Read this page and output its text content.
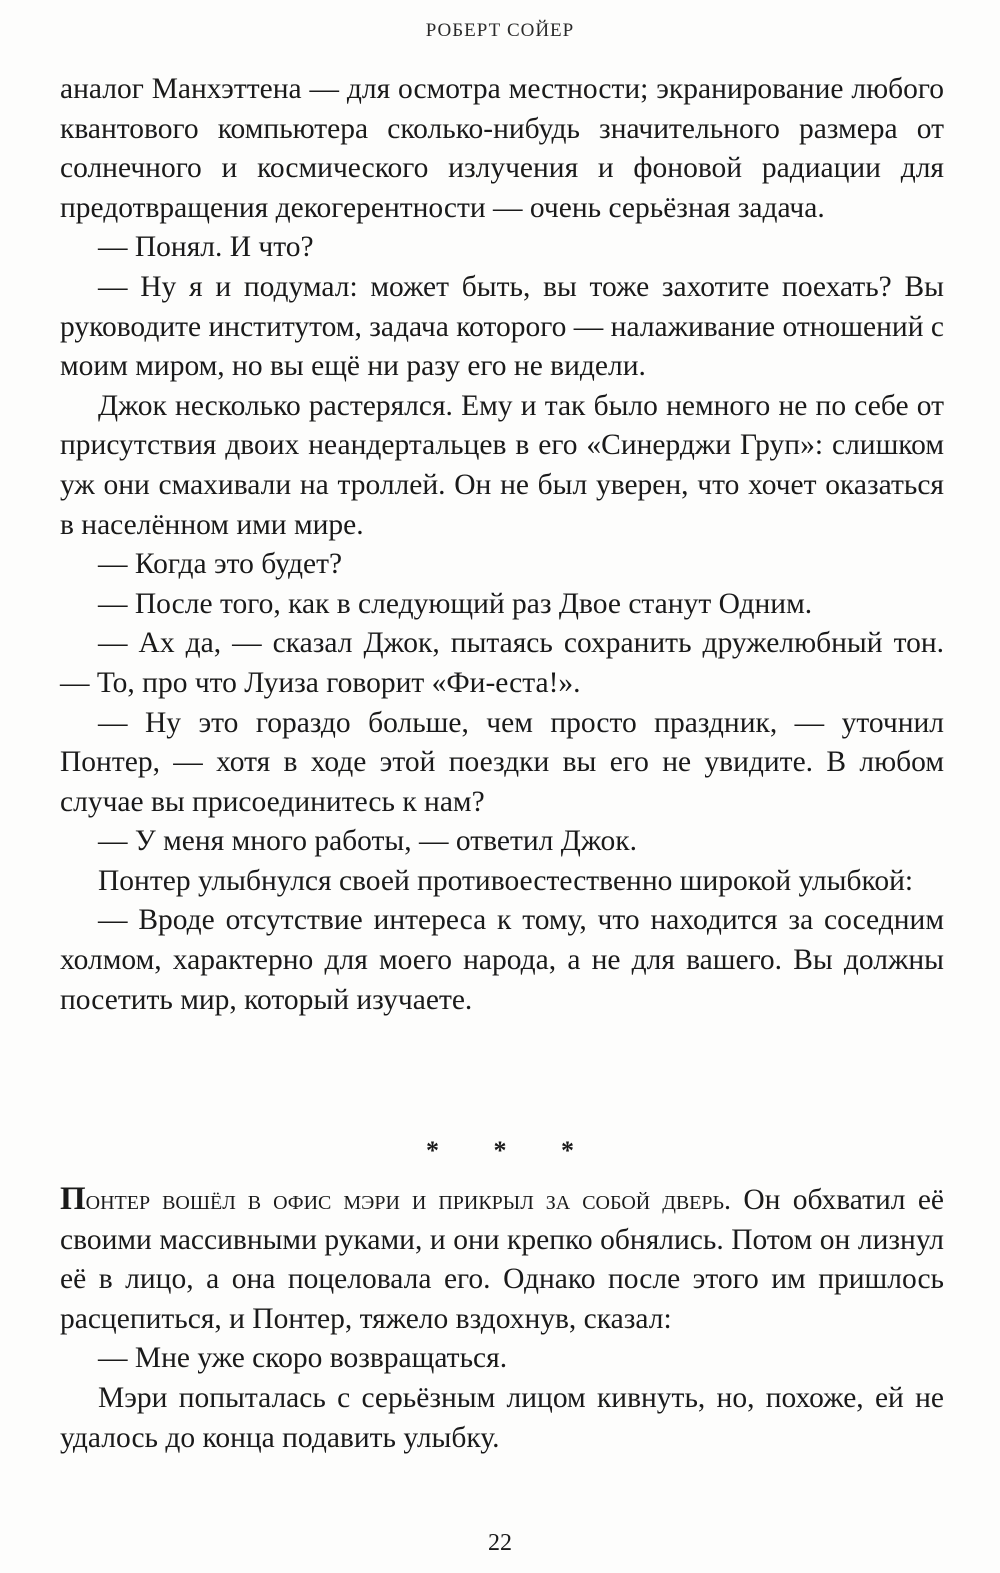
РОБЕРТ СОЙЕР

аналог Манхэттена — для осмотра местности; экранирование любого квантового компьютера сколько-нибудь значительного размера от солнечного и космического излучения и фоновой радиации для предотвращения декогерентности — очень серьёзная задача.

— Понял. И что?

— Ну я и подумал: может быть, вы тоже захотите поехать? Вы руководите институтом, задача которого — налаживание отношений с моим миром, но вы ещё ни разу его не видели.

Джок несколько растерялся. Ему и так было немного не по себе от присутствия двоих неандертальцев в его «Синерджи Груп»: слишком уж они смахивали на троллей. Он не был уверен, что хочет оказаться в населённом ими мире.

— Когда это будет?

— После того, как в следующий раз Двое станут Одним.

— Ах да, — сказал Джок, пытаясь сохранить дружелюбный тон. — То, про что Луиза говорит «Фи-еста!».

— Ну это гораздо больше, чем просто праздник, — уточнил Понтер, — хотя в ходе этой поездки вы его не увидите. В любом случае вы присоединитесь к нам?

— У меня много работы, — ответил Джок.

Понтер улыбнулся своей противоестественно широкой улыбкой:

— Вроде отсутствие интереса к тому, что находится за соседним холмом, характерно для моего народа, а не для вашего. Вы должны посетить мир, который изучаете.

* * *

Понтер вошёл в офис мэри и прикрыл за собой дверь. Он обхватил её своими массивными руками, и они крепко обнялись. Потом он лизнул её в лицо, а она поцеловала его. Однако после этого им пришлось расцепиться, и Понтер, тяжело вздохнув, сказал:

— Мне уже скоро возвращаться.

Мэри попыталась с серьёзным лицом кивнуть, но, похоже, ей не удалось до конца подавить улыбку.

22
